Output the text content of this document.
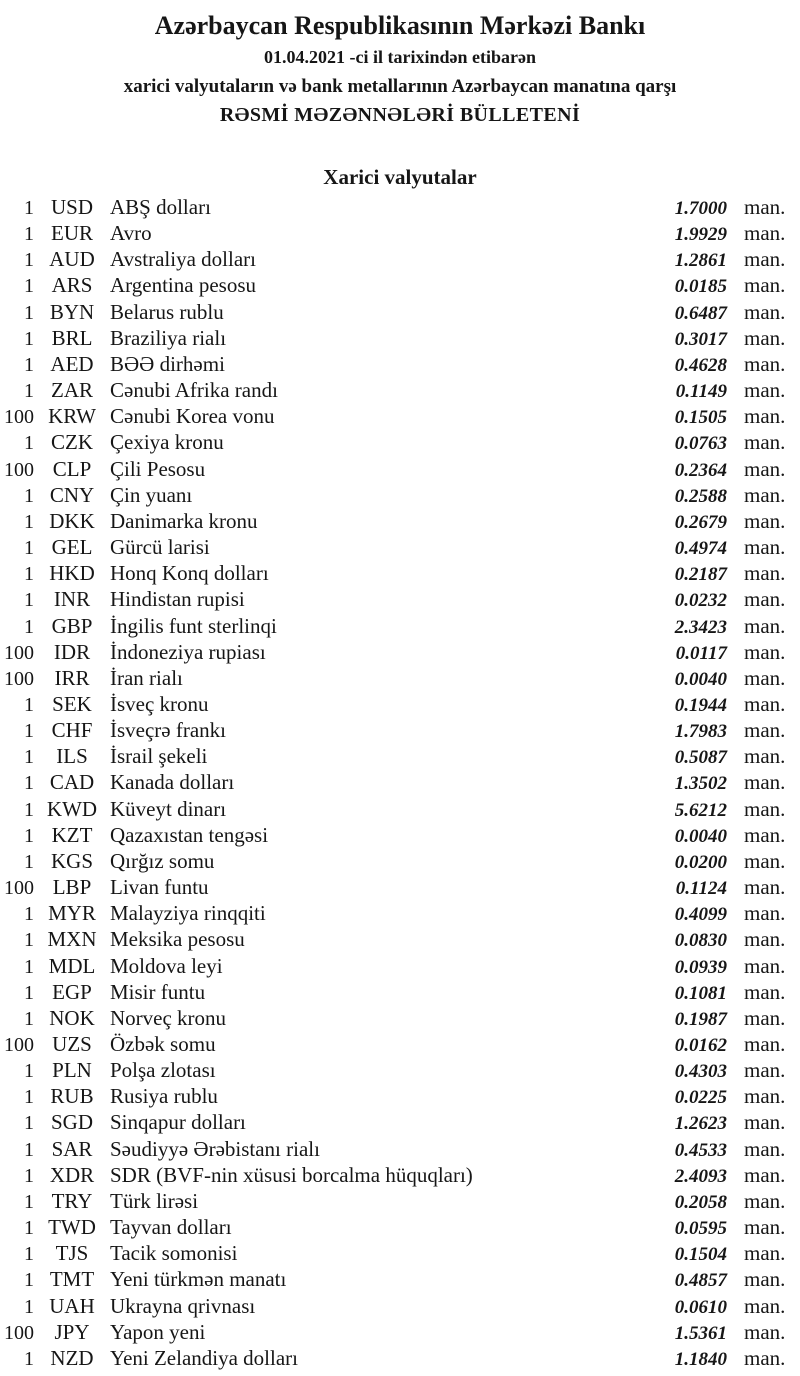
Azərbaycan Respublikasının Mərkəzi Bankı
01.04.2021 -ci il tarixindən etibarən
xarici valyutaların və bank metallarının Azərbaycan manatına qarşı
RƏSMİ MƏZƏNNƏLƏRİ BÜLLETENİ
Xarici valyutalar
1 USD ABŞ dolları	1.7000 man.
1 EUR Avro	1.9929 man.
1 AUD Avstraliya dolları	1.2861 man.
1 ARS Argentina pesosu	0.0185 man.
1 BYN Belarus rublu	0.6487 man.
1 BRL Braziliya rialı	0.3017 man.
1 AED BƏƏ dirhəmi	0.4628 man.
1 ZAR Cənubi Afrika randı	0.1149 man.
100 KRW Cənubi Korea vonu	0.1505 man.
1 CZK Çexiya kronu	0.0763 man.
100 CLP Çili Pesosu	0.2364 man.
1 CNY Çin yuanı	0.2588 man.
1 DKK Danimarka kronu	0.2679 man.
1 GEL Gürcü larisi	0.4974 man.
1 HKD Honq Konq dolları	0.2187 man.
1 INR Hindistan rupisi	0.0232 man.
1 GBP İngilis funt sterlinqi	2.3423 man.
100 IDR İndoneziya rupiası	0.0117 man.
100 IRR İran rialı	0.0040 man.
1 SEK İsveç kronu	0.1944 man.
1 CHF İsveçrə frankı	1.7983 man.
1	ILS	İsrail şekeli	0.5087 man.
1 CAD Kanada dolları	1.3502 man.
1 KWD Küveyt dinarı	5.6212 man.
1 KZT Qazaxıstan tengəsi	0.0040 man.
1 KGS Qırğız somu	0.0200 man.
100 LBP Livan funtu	0.1124 man.
1 MYR Malayziya rinqqiti	0.4099 man.
1 MXN Meksika pesosu	0.0830 man.
1 MDL Moldova leyi	0.0939 man.
1 EGP Misir funtu	0.1081 man.
1 NOK Norveç kronu	0.1987 man.
100 UZS Özbək somu	0.0162 man.
1 PLN Polşa zlotası	0.4303 man.
1 RUB Rusiya rublu	0.0225 man.
1 SGD Sinqapur dolları	1.2623 man.
1 SAR Səudiyyə Ərəbistanı rialı	0.4533 man.
1 XDR SDR (BVF-nin xüsusi borcalma hüquqları)	2.4093 man.
1 TRY Türk lirəsi	0.2058 man.
1 TWD Tayvan dolları	0.0595 man.
1	TJS	Tacik somonisi	0.1504 man.
1 TMT Yeni türkmən manatı	0.4857 man.
1 UAH Ukrayna qrivnası	0.0610 man.
100 JPY Yapon yeni	1.5361 man.
1 NZD Yeni Zelandiya dolları	1.1840 man.
